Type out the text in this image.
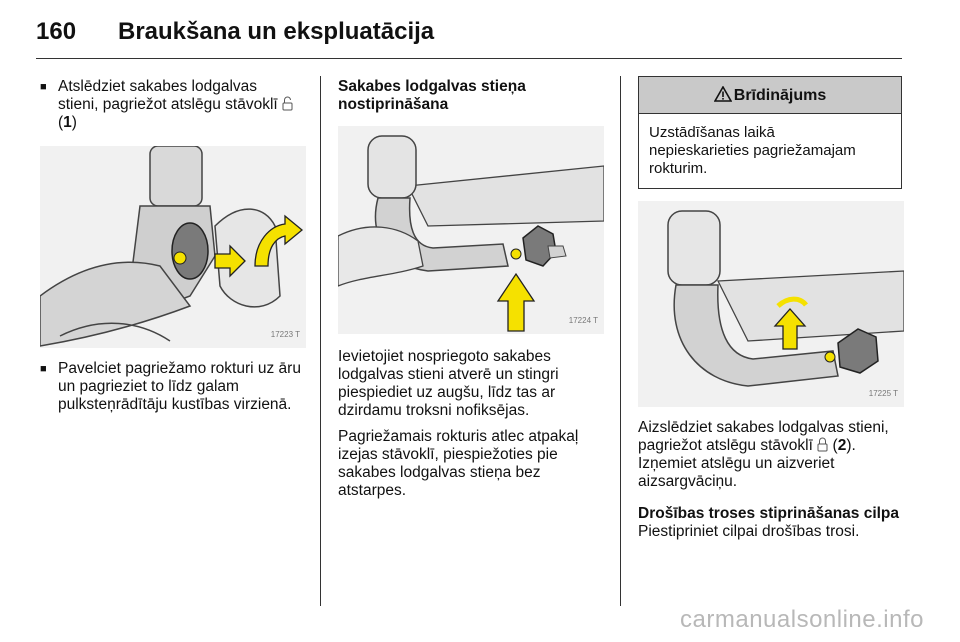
160 Braukšana un ekspluatācija

■ Atslēdziet sakabes lodgalvas
stieni, pagriežot atslēgu stāvoklī
(1)

17223 T

■ Pavelciet pagriežamo rokturi uz āru
un pagrieziet to līdz galam
pulksteņrādītāju kustības virzienā.

Sakabes lodgalvas stieņa
nostiprināšana

17224 T

Ievietojiet nospriegoto sakabes
lodgalvas stieni atverē un stingri
piespiediet uz augšu, līdz tas ar
dzirdamu troksni nofiksējas.

Pagriežamais rokturis atlec atpakaļ
izejas stāvoklī, piespiežoties pie
sakabes lodgalvas stieņa bez
atstarpes.

Brīdinājums
Uzstādīšanas laikā
nepieskarieties pagriežamajam
rokturim.
17225 T

Aizslēdziet sakabes lodgalvas stieni,
pagriežot atslēgu stāvoklī (2).
Izņemiet atslēgu un aizveriet
aizsargvāciņu.

Drošības troses stiprināšanas cilpa

Piestipriniet cilpai drošības trosi.

carmanualsonline.info
